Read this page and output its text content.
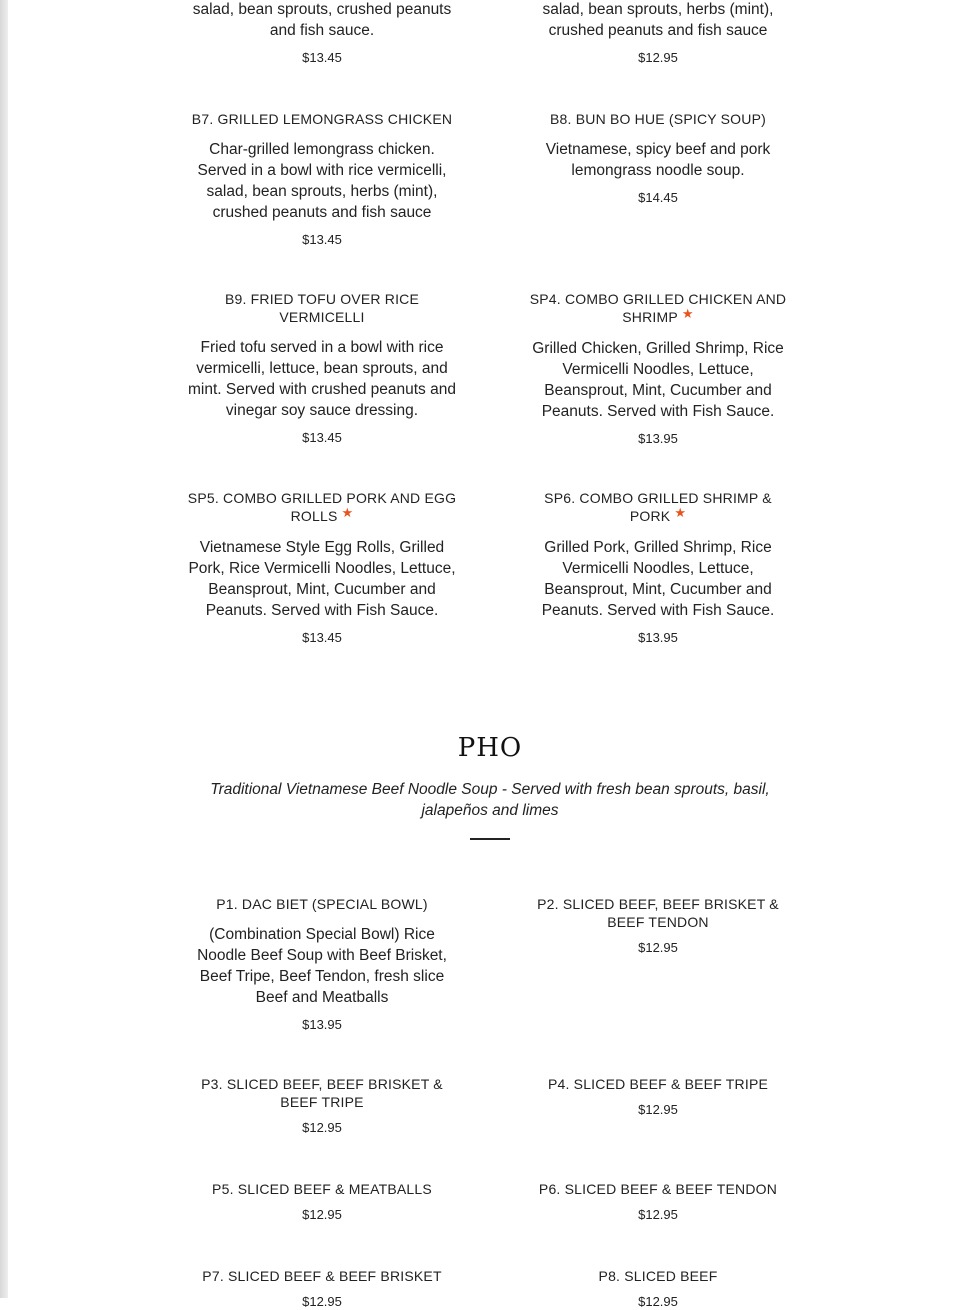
salad, bean sprouts, crushed peanuts and fish sauce.
$13.45
salad, bean sprouts, herbs (mint), crushed peanuts and fish sauce
$12.95
B7. GRILLED LEMONGRASS CHICKEN
Char-grilled lemongrass chicken. Served in a bowl with rice vermicelli, salad, bean sprouts, herbs (mint), crushed peanuts and fish sauce
$13.45
B8. BUN BO HUE (SPICY SOUP)
Vietnamese, spicy beef and pork lemongrass noodle soup.
$14.45
B9. FRIED TOFU OVER RICE VERMICELLI
Fried tofu served in a bowl with rice vermicelli, lettuce, bean sprouts, and mint. Served with crushed peanuts and vinegar soy sauce dressing.
$13.45
SP4. COMBO GRILLED CHICKEN AND SHRIMP ★
Grilled Chicken, Grilled Shrimp, Rice Vermicelli Noodles, Lettuce, Beansprout, Mint, Cucumber and Peanuts. Served with Fish Sauce.
$13.95
SP5. COMBO GRILLED PORK AND EGG ROLLS ★
Vietnamese Style Egg Rolls, Grilled Pork, Rice Vermicelli Noodles, Lettuce, Beansprout, Mint, Cucumber and Peanuts. Served with Fish Sauce.
$13.45
SP6. COMBO GRILLED SHRIMP & PORK ★
Grilled Pork, Grilled Shrimp, Rice Vermicelli Noodles, Lettuce, Beansprout, Mint, Cucumber and Peanuts. Served with Fish Sauce.
$13.95
PHO
Traditional Vietnamese Beef Noodle Soup - Served with fresh bean sprouts, basil, jalapeños and limes
P1. DAC BIET (SPECIAL BOWL)
(Combination Special Bowl) Rice Noodle Beef Soup with Beef Brisket, Beef Tripe, Beef Tendon, fresh slice Beef and Meatballs
$13.95
P2. SLICED BEEF, BEEF BRISKET & BEEF TENDON
$12.95
P3. SLICED BEEF, BEEF BRISKET & BEEF TRIPE
$12.95
P4. SLICED BEEF & BEEF TRIPE
$12.95
P5. SLICED BEEF & MEATBALLS
$12.95
P6. SLICED BEEF & BEEF TENDON
$12.95
P7. SLICED BEEF & BEEF BRISKET
$12.95
P8. SLICED BEEF
$12.95
